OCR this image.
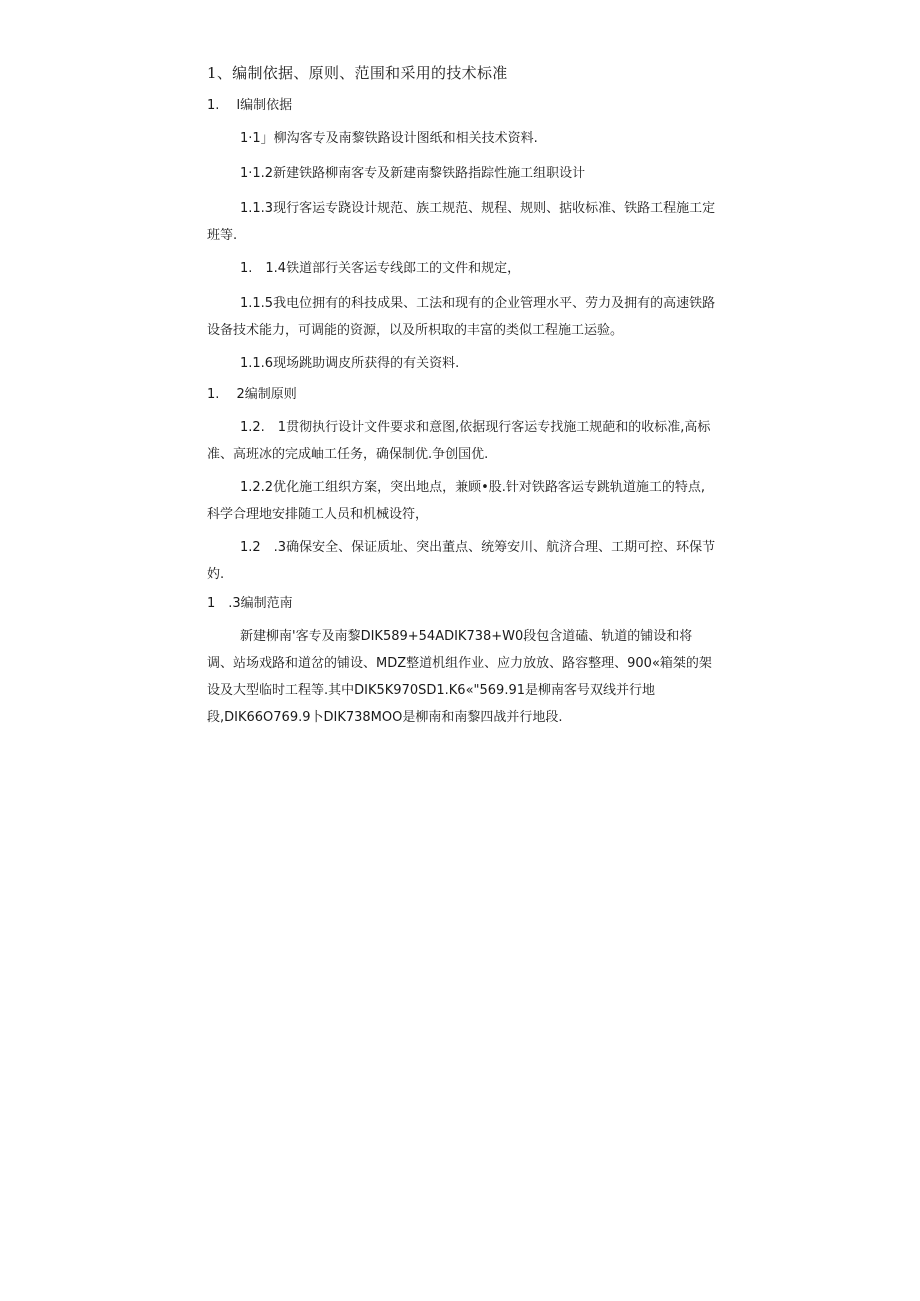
1、编制依据、原则、范围和采用的技术标准
1.　 l编制依据
1·1」柳沟客专及南黎铁路设计图纸和相关技术资料.
1·1.2新建铁路柳南客专及新建南黎铁路指踪性施工组职设计
1.1.3现行客运专跷设计规范、族工规范、规程、规则、掂收标准、铁路工程施工定班等.
1.　1.4铁道部行关客运专线郎工的文件和规定，
1.1.5我电位拥有的科技成果、工法和现有的企业管理水平、劳力及拥有的高速铁路设备技术能力，可调能的资源，以及所枳取的丰富的类似工程施工运验。
1.1.6现场跳助调皮所获得的有关资料.
1.　 2编制原则
1.2.　1贯彻执行设计文件要求和意图,依据现行客运专找施工规葩和的收标准,高标准、高班冰的完成岫工任务，确保制优.争创国优.
1.2.2优化施工组织方案，突出地点，兼顾•股.针对铁路客运专跳轨道施工的特点,科学合理地安排随工人员和机械设符，
1.2　.3确保安全、保证质址、突出董点、统筹安川、航济合理、工期可控、环保节妁.
1　.3编制范南
新建柳南'客专及南黎DIK589+54ADIK738+W0段包含道磕、轨道的铺设和将调、站场戏路和道岔的铺设、MDZ整道机组作业、应力放放、路容整理、900«箱桀的架设及大型临时工程等.其中DIK5K970SD1.K6«"569.91是柳南客号双线并行地段,DIK66O769.9卜DIK738MOO是柳南和南黎四战并行地段.
